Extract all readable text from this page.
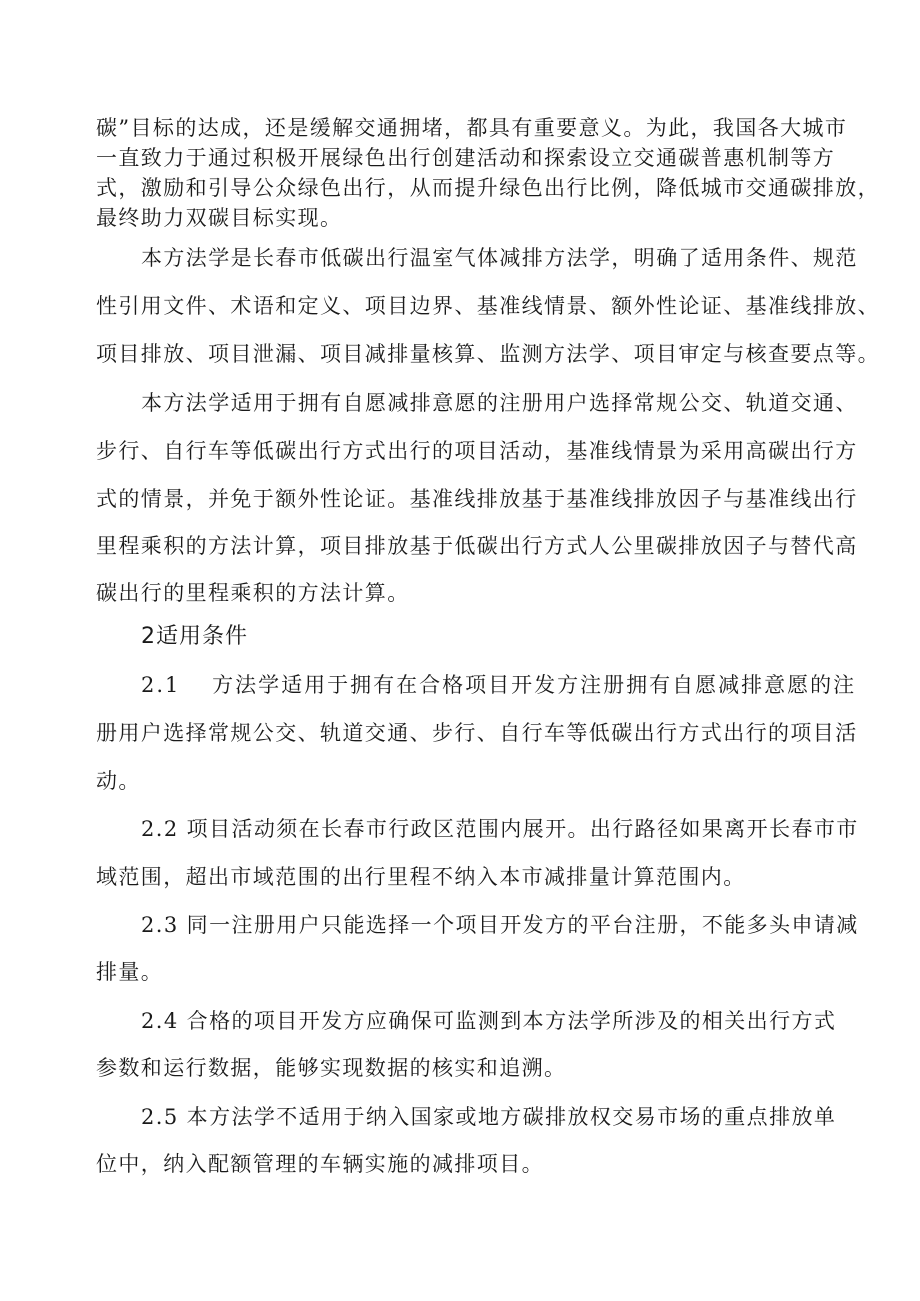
碳”目标的达成，还是缓解交通拥堵，都具有重要意义。为此，我国各大城市
一直致力于通过积极开展绿色出行创建活动和探索设立交通碳普惠机制等方
式，激励和引导公众绿色出行，从而提升绿色出行比例，降低城市交通碳排放，
最终助力双碳目标实现。
本方法学是长春市低碳出行温室气体减排方法学，明确了适用条件、规范
性引用文件、术语和定义、项目边界、基准线情景、额外性论证、基准线排放、
项目排放、项目泄漏、项目减排量核算、监测方法学、项目审定与核查要点等。
本方法学适用于拥有自愿减排意愿的注册用户选择常规公交、轨道交通、
步行、自行车等低碳出行方式出行的项目活动，基准线情景为采用高碳出行方
式的情景，并免于额外性论证。基准线排放基于基准线排放因子与基准线出行
里程乘积的方法计算，项目排放基于低碳出行方式人公里碳排放因子与替代高
碳出行的里程乘积的方法计算。
2适用条件
2.1　 方法学适用于拥有在合格项目开发方注册拥有自愿减排意愿的注
册用户选择常规公交、轨道交通、步行、自行车等低碳出行方式出行的项目活
动。
2.2 项目活动须在长春市行政区范围内展开。出行路径如果离开长春市市
域范围，超出市域范围的出行里程不纳入本市减排量计算范围内。
2.3 同一注册用户只能选择一个项目开发方的平台注册，不能多头申请减
排量。
2.4 合格的项目开发方应确保可监测到本方法学所涉及的相关出行方式
参数和运行数据，能够实现数据的核实和追溯。
2.5 本方法学不适用于纳入国家或地方碳排放权交易市场的重点排放单
位中，纳入配额管理的车辆实施的减排项目。
